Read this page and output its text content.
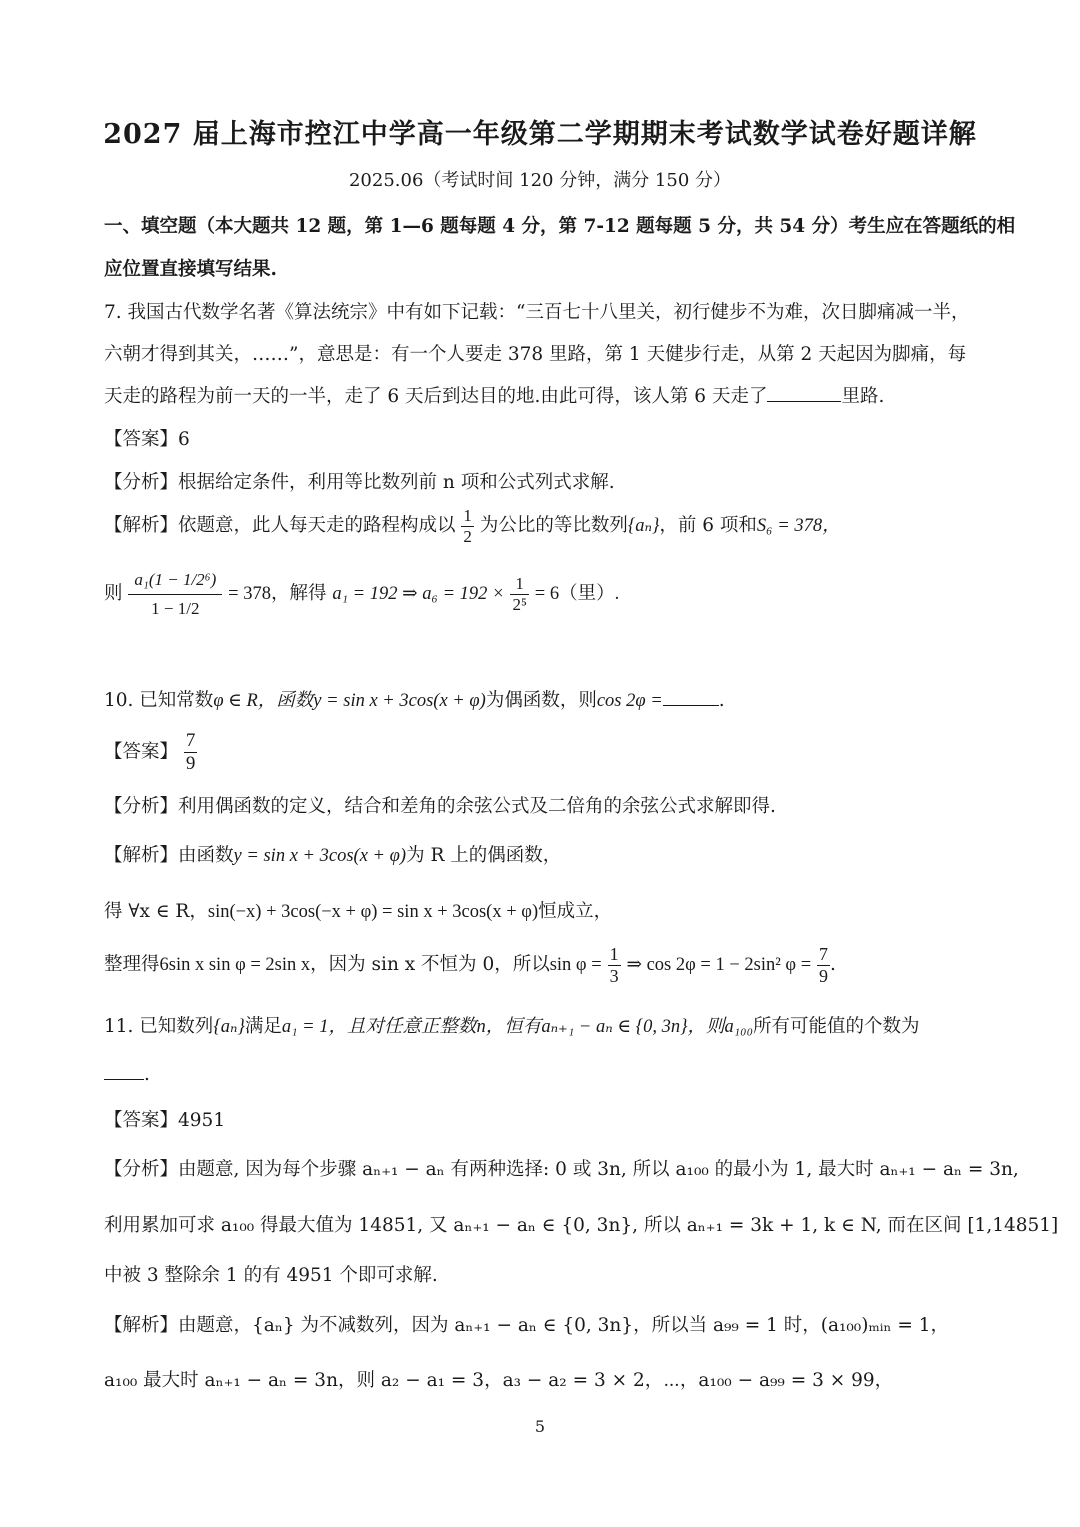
2027 届上海市控江中学高一年级第二学期期末考试数学试卷好题详解
2025.06（考试时间 120 分钟，满分 150 分）
一、填空题（本大题共 12 题，第 1—6 题每题 4 分，第 7-12 题每题 5 分，共 54 分）考生应在答题纸的相
应位置直接填写结果.
7. 我国古代数学名著《算法统宗》中有如下记载：“三百七十八里关，初行健步不为难，次日脚痛减一半，
六朝才得到其关，……”，意思是：有一个人要走 378 里路，第 1 天健步行走，从第 2 天起因为脚痛，每
天走的路程为前一天的一半，走了 6 天后到达目的地.由此可得，该人第 6 天走了	里路.
【答案】6
【分析】根据给定条件，利用等比数列前 n 项和公式列式求解.
【解析】依题意，此人每天走的路程构成以 $\frac{1}{2}$ 为公比的等比数列{aₙ}，前 6 项和S₆ = 378，
则 $\frac{\text{a₁(1 − 1/2⁶)}}{1 - 1/2} = 378$，解得 a₁ = 192 ⇒ $a_6 = 192 \times \frac{1}{\text{2⁵}} = 6$（里）.
10. 已知常数φ ∈ R，函数y = sin x + 3cos(x + φ)为偶函数，则cos 2φ =	.
【答案】 $\frac{7}{9}$
【分析】利用偶函数的定义，结合和差角的余弦公式及二倍角的余弦公式求解即得.
【解析】由函数y = sin x + 3cos(x + φ)为 R 上的偶函数，
得 ∀x ∈ R，sin(−x) + 3cos(−x + φ) = sin x + 3cos(x + φ)恒成立，
整理得6sin x sin φ = 2sin x，因为 sin x 不恒为 0，所以$\sin \varphi = \frac{1}{3}$ ⇒ cos 2φ = 1 − 2sin² $\varphi = \frac{7}{9}$ .
11. 已知数列{aₙ}满足a₁ = 1，且对任意正整数n，恒有aₙ₊₁ − aₙ ∈ {0, 3n}，则a₁₀₀所有可能值的个数为
.
【答案】4951
【分析】由题意, 因为每个步骤 aₙ₊₁ − aₙ 有两种选择: 0 或 3n, 所以 a₁₀₀ 的最小为 1, 最大时 aₙ₊₁ − aₙ = 3n,
利用累加可求 a₁₀₀ 得最大值为 14851, 又 aₙ₊₁ − aₙ ∈ {0, 3n}, 所以 aₙ₊₁ = 3k + 1, k ∈ N, 而在区间 [1,14851]
中被 3 整除余 1 的有 4951 个即可求解.
【解析】由题意，{aₙ} 为不减数列，因为 aₙ₊₁ − aₙ ∈ {0, 3n}，所以当 a₉₉ = 1 时，(a₁₀₀)ₘᵢₙ = 1，
a₁₀₀ 最大时 aₙ₊₁ − aₙ = 3n，则 a₂ − a₁ = 3，a₃ − a₂ = 3 × 2，⋯，a₁₀₀ − a₉₉ = 3 × 99，
5
